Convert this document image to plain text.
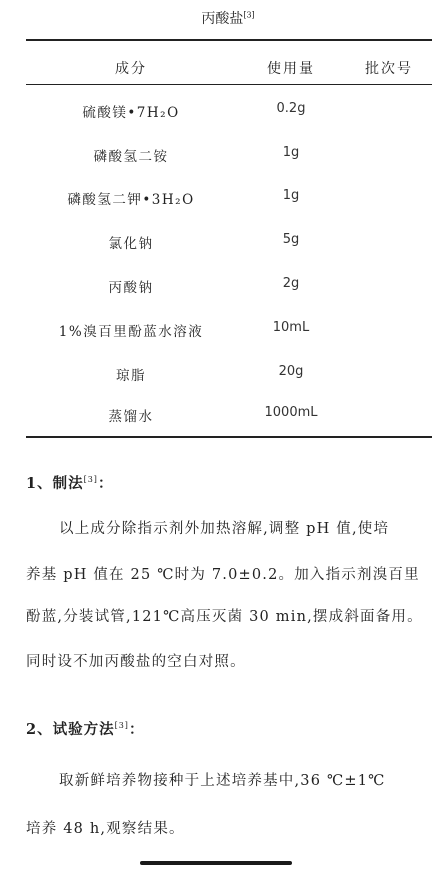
丙酸盐[3]
成分	使用量	批次号
硫酸镁•7H₂O	0.2g
磷酸氢二铵	1g
磷酸氢二钾•3H₂O	1g
氯化钠	5g
丙酸钠	2g
1%溴百里酚蓝水溶液	10mL
琼脂	20g
蒸馏水	1000mL
1、制法[3]：
以上成分除指示剂外加热溶解,调整 pH 值,使培
养基 pH 值在 25 ℃时为 7.0±0.2。加入指示剂溴百里
酚蓝,分装试管,121℃高压灭菌 30 min,摆成斜面备用。
同时设不加丙酸盐的空白对照。
2、试验方法[3]：
取新鲜培养物接种于上述培养基中,36 ℃±1℃
培养 48 h,观察结果。
